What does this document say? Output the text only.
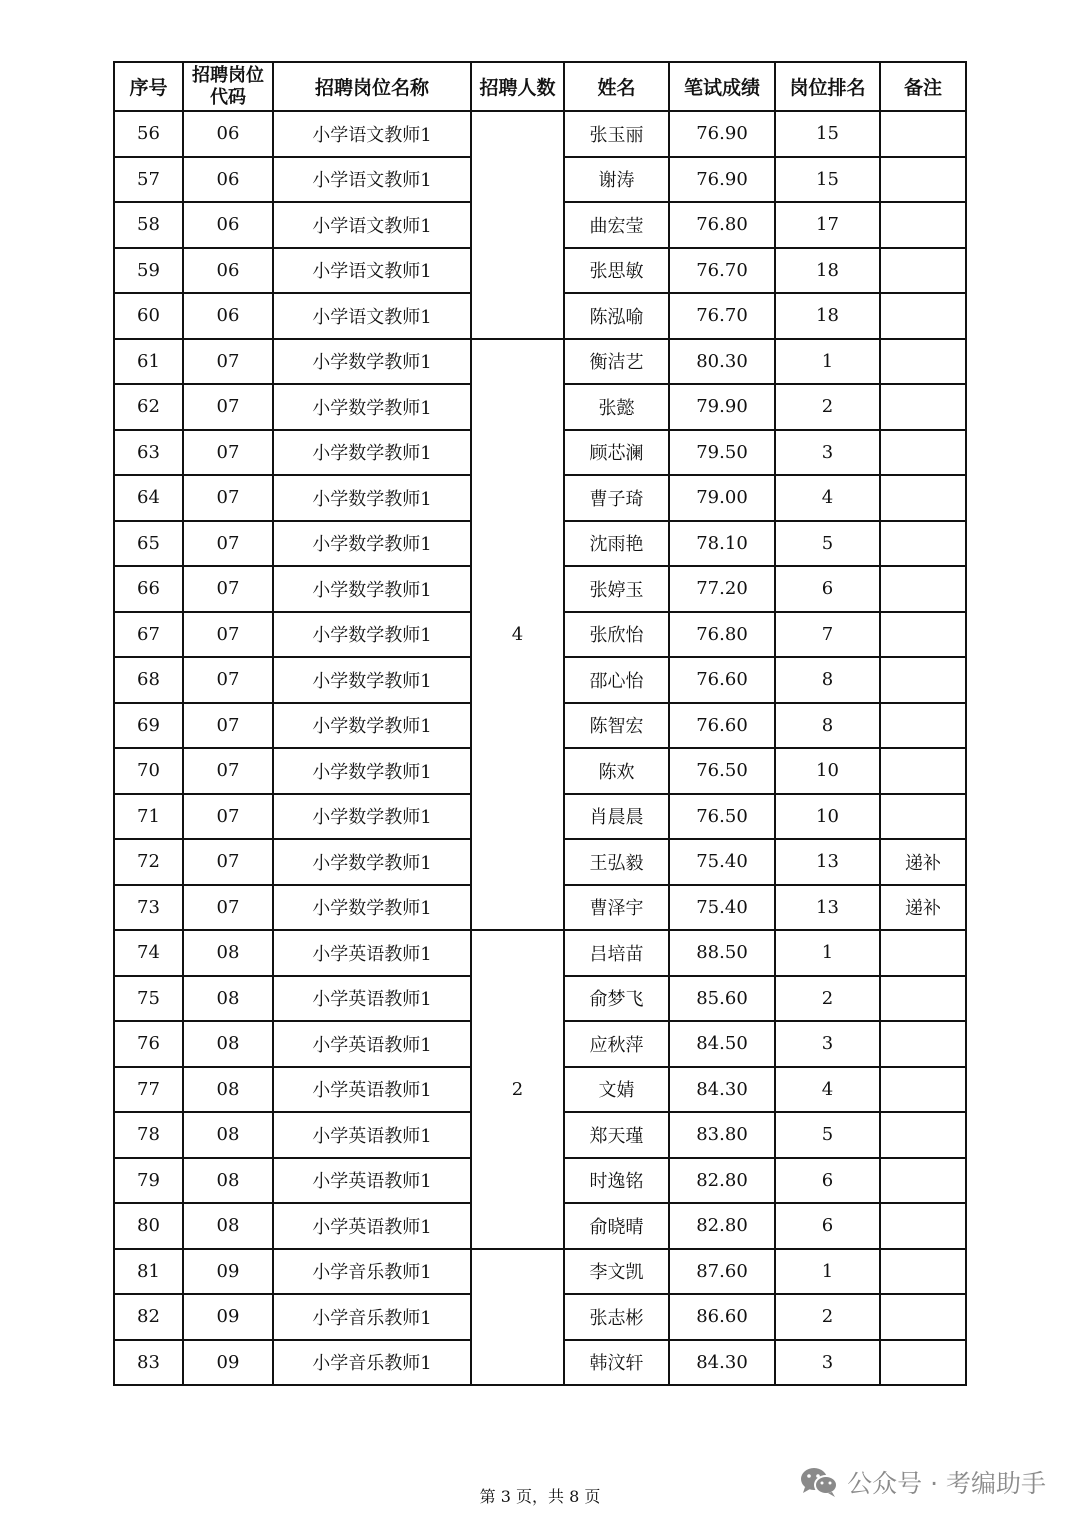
序号	招聘岗位代码	招聘岗位名称	招聘人数	姓名	笔试成绩	岗位排名	备注
56	06	小学语文教师1		张玉丽	76.90	15	
57	06	小学语文教师1		谢涛	76.90	15	
58	06	小学语文教师1		曲宏莹	76.80	17	
59	06	小学语文教师1		张思敏	76.70	18	
60	06	小学语文教师1		陈泓喻	76.70	18	
61	07	小学数学教师1	4	衡洁艺	80.30	1	
62	07	小学数学教师1		张懿	79.90	2	
63	07	小学数学教师1		顾芯澜	79.50	3	
64	07	小学数学教师1		曹子琦	79.00	4	
65	07	小学数学教师1		沈雨艳	78.10	5	
66	07	小学数学教师1		张婷玉	77.20	6	
67	07	小学数学教师1		张欣怡	76.80	7	
68	07	小学数学教师1		邵心怡	76.60	8	
69	07	小学数学教师1		陈智宏	76.60	8	
70	07	小学数学教师1		陈欢	76.50	10	
71	07	小学数学教师1		肖晨晨	76.50	10	
72	07	小学数学教师1		王弘毅	75.40	13	递补
73	07	小学数学教师1		曹泽宇	75.40	13	递补
74	08	小学英语教师1	2	吕培苗	88.50	1	
75	08	小学英语教师1		俞梦飞	85.60	2	
76	08	小学英语教师1		应秋萍	84.50	3	
77	08	小学英语教师1		文婧	84.30	4	
78	08	小学英语教师1		郑天瑾	83.80	5	
79	08	小学英语教师1		时逸铭	82.80	6	
80	08	小学英语教师1		俞晓晴	82.80	6	
81	09	小学音乐教师1		李文凯	87.60	1	
82	09	小学音乐教师1		张志彬	86.60	2	
83	09	小学音乐教师1		韩汶轩	84.30	3	
第 3 页，共 8 页	公众号 · 考编助手
